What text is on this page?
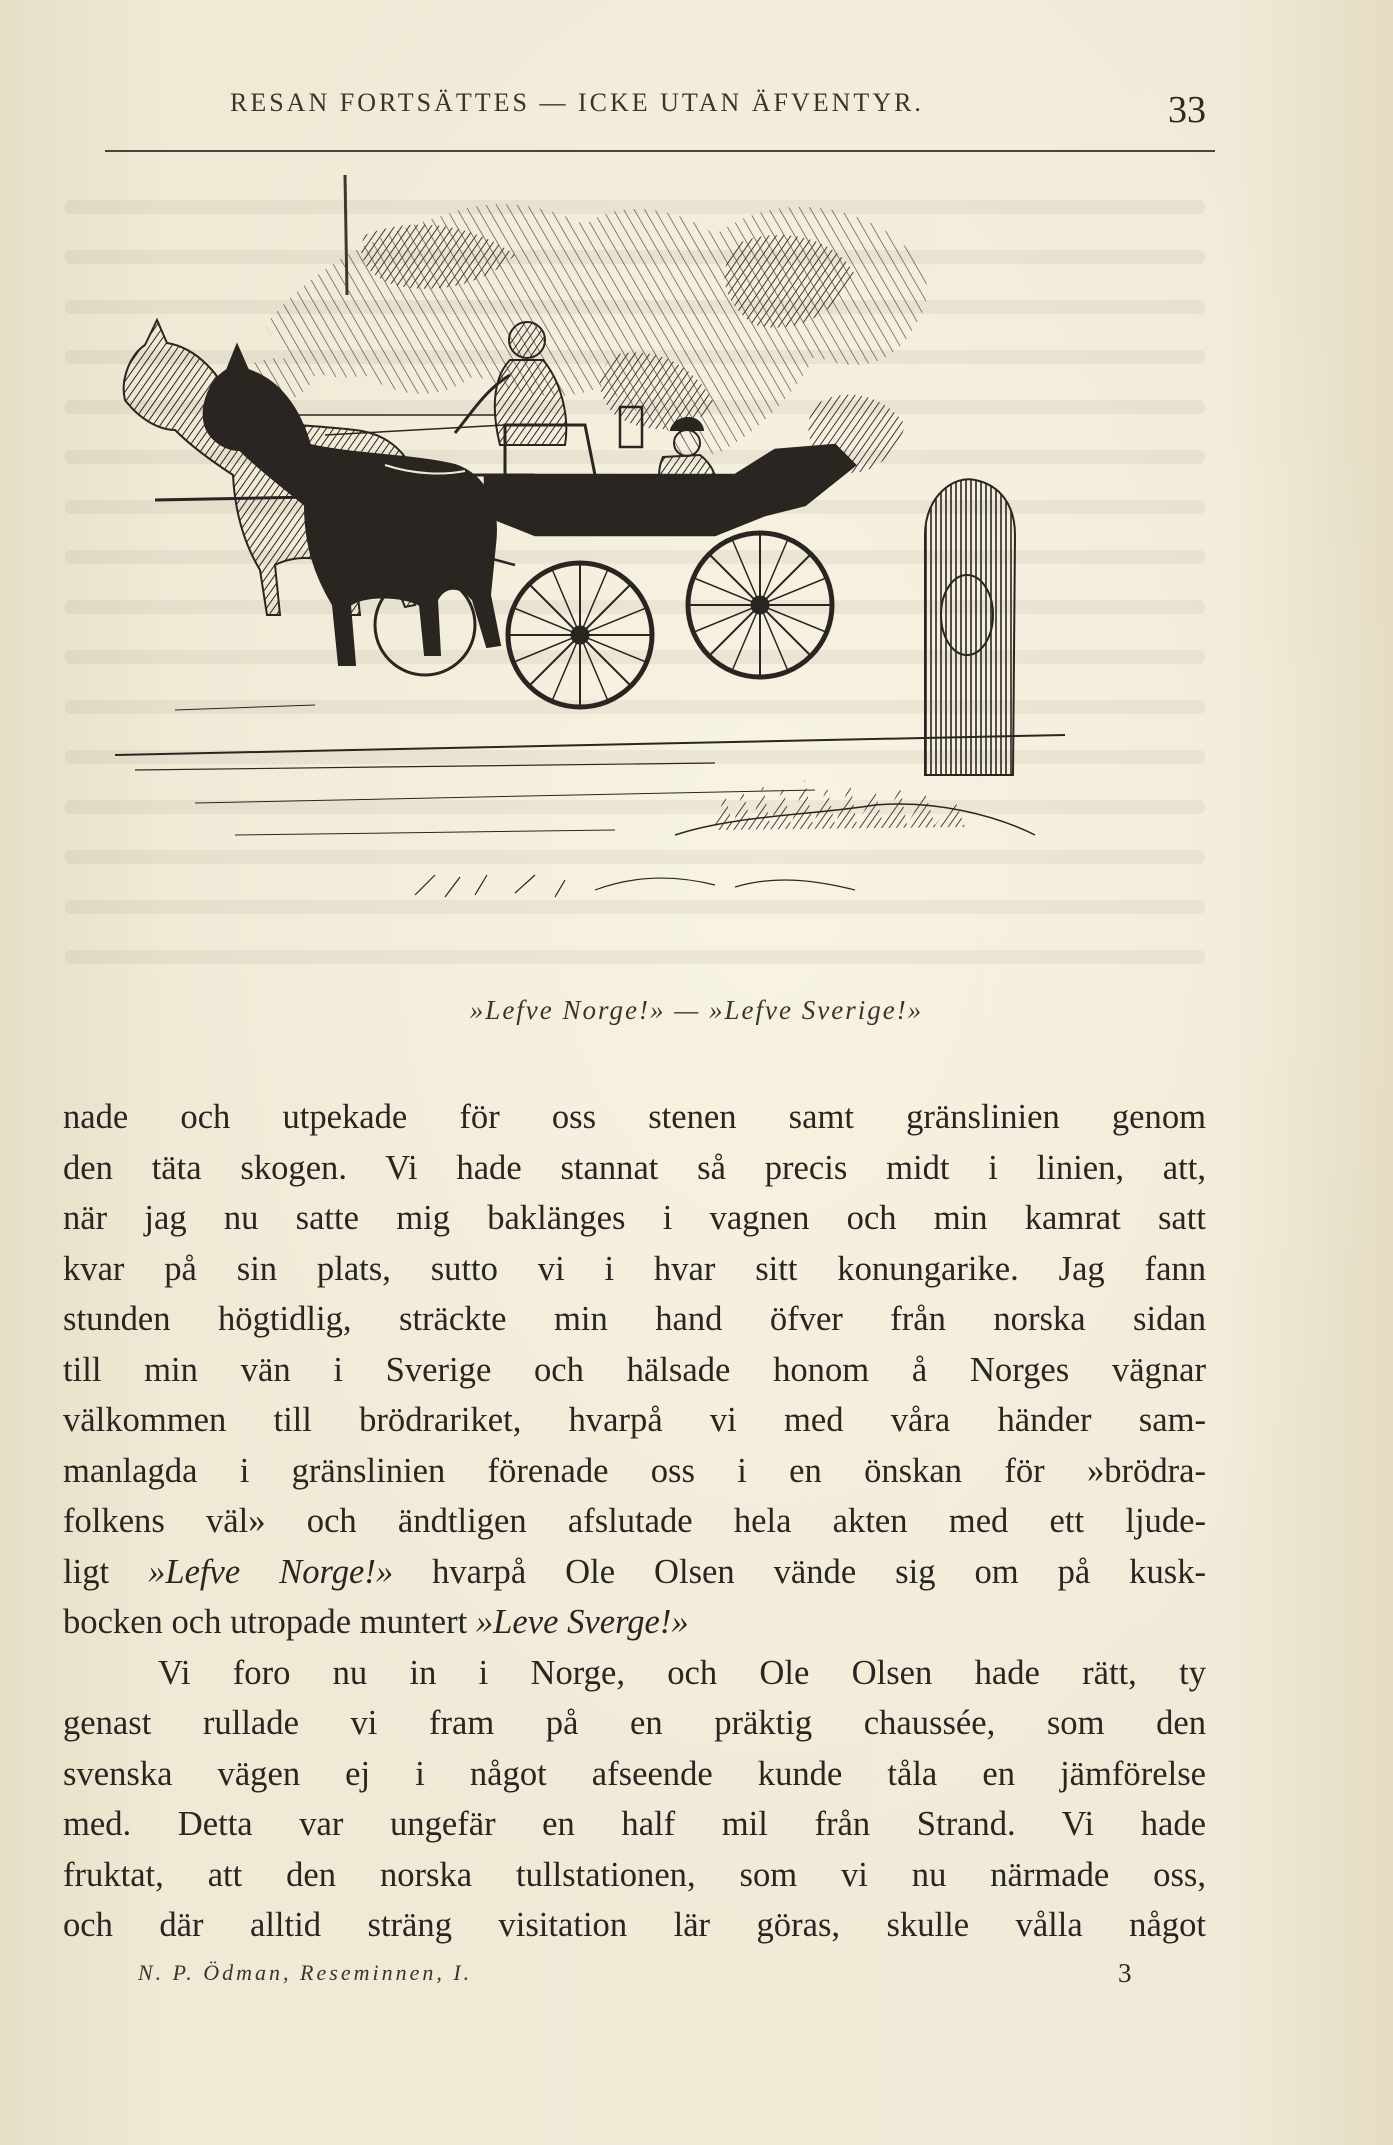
RESAN FORTSÄTTES — ICKE UTAN ÄFVENTYR.	33
»Lefve Norge!» — »Lefve Sverige!»
nade och utpekade för oss stenen samt gränslinien genom
den täta skogen. Vi hade stannat så precis midt i linien, att,
när jag nu satte mig baklänges i vagnen och min kamrat satt
kvar på sin plats, sutto vi i hvar sitt konungarike. Jag fann
stunden högtidlig, sträckte min hand öfver från norska sidan
till min vän i Sverige och hälsade honom å Norges vägnar
välkommen till brödrariket, hvarpå vi med våra händer sam-
manlagda i gränslinien förenade oss i en önskan för »brödra-
folkens väl» och ändtligen afslutade hela akten med ett ljude-
ligt »Lefve Norge!» hvarpå Ole Olsen vände sig om på kusk-
bocken och utropade muntert »Leve Sverge!»
Vi foro nu in i Norge, och Ole Olsen hade rätt, ty
genast rullade vi fram på en präktig chaussée, som den
svenska vägen ej i något afseende kunde tåla en jämförelse
med. Detta var ungefär en half mil från Strand. Vi hade
fruktat, att den norska tullstationen, som vi nu närmade oss,
och där alltid sträng visitation lär göras, skulle vålla något
N. P. Ödman, Reseminnen, I.	3
